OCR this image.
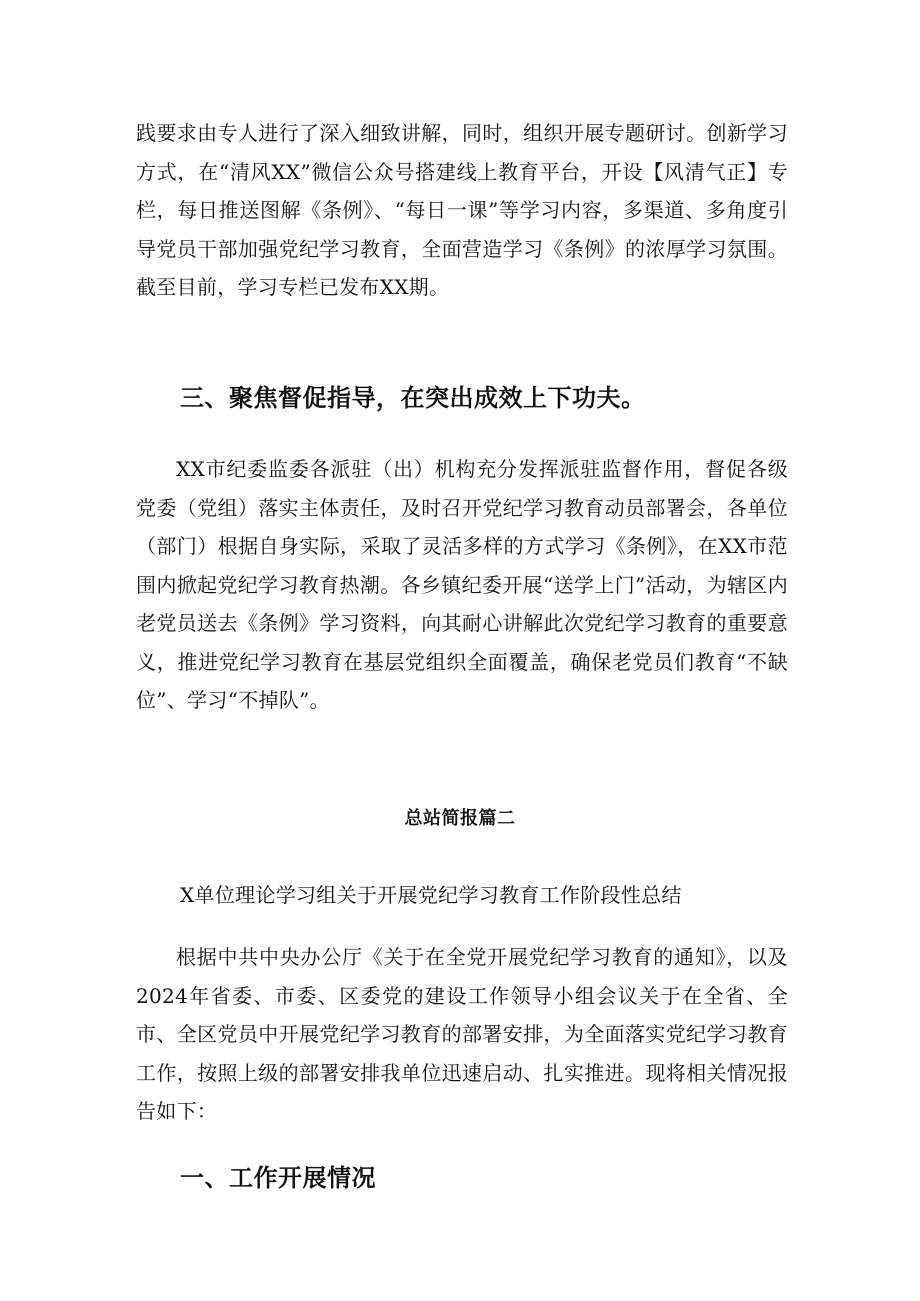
践要求由专人进行了深入细致讲解，同时，组织开展专题研讨。创新学习方式，在“清风XX”微信公众号搭建线上教育平台，开设【风清气正】专栏，每日推送图解《条例》、“每日一课”等学习内容，多渠道、多角度引导党员干部加强党纪学习教育，全面营造学习《条例》的浓厚学习氛围。截至目前，学习专栏已发布XX期。

三、聚焦督促指导，在突出成效上下功夫。

XX市纪委监委各派驻（出）机构充分发挥派驻监督作用，督促各级党委（党组）落实主体责任，及时召开党纪学习教育动员部署会，各单位（部门）根据自身实际，采取了灵活多样的方式学习《条例》，在XX市范围内掀起党纪学习教育热潮。各乡镇纪委开展“送学上门”活动，为辖区内老党员送去《条例》学习资料，向其耐心讲解此次党纪学习教育的重要意义，推进党纪学习教育在基层党组织全面覆盖，确保老党员们教育“不缺位”、学习“不掉队”。

总站简报篇二

X单位理论学习组关于开展党纪学习教育工作阶段性总结

根据中共中央办公厅《关于在全党开展党纪学习教育的通知》，以及2024年省委、市委、区委党的建设工作领导小组会议关于在全省、全市、全区党员中开展党纪学习教育的部署安排，为全面落实党纪学习教育工作，按照上级的部署安排我单位迅速启动、扎实推进。现将相关情况报告如下：

一、工作开展情况
